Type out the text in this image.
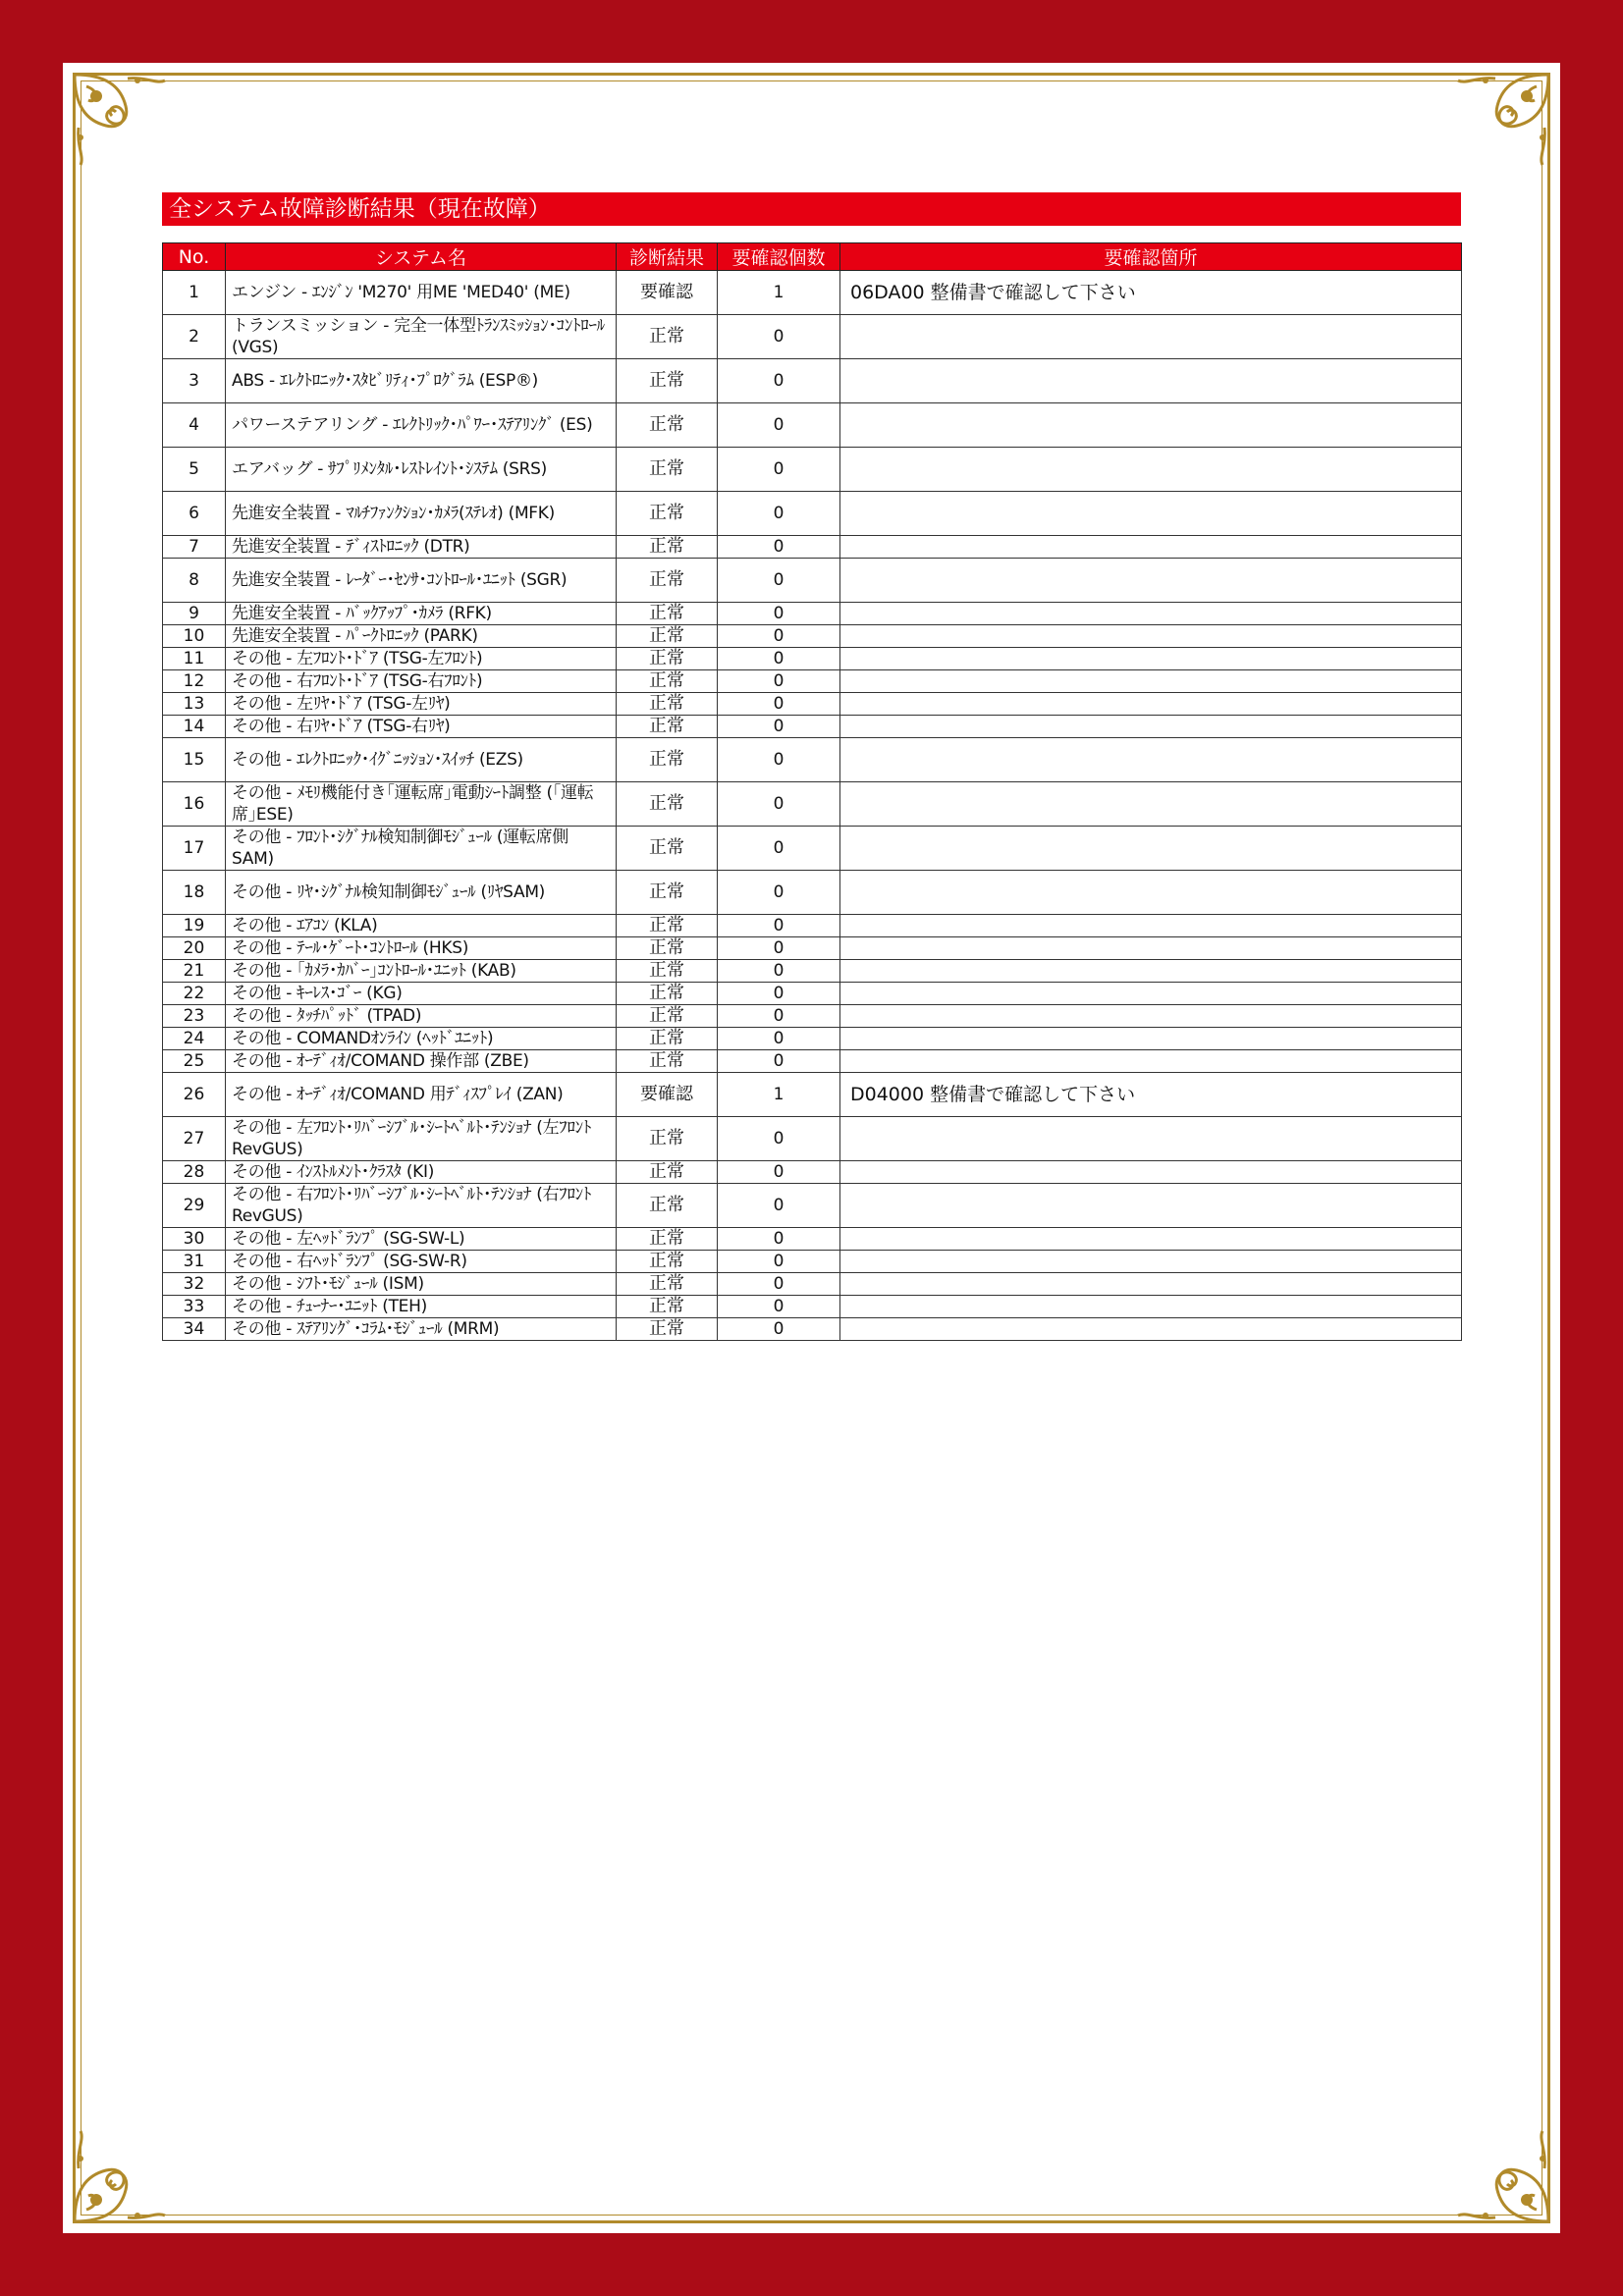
全システム故障診断結果（現在故障）
No.	システム名	診断結果	要確認個数	要確認箇所
1	エンジン - ｴﾝｼﾞﾝ 'M270' 用ME 'MED40' (ME)	要確認	1	06DA00 整備書で確認して下さい
2	トランスミッション - 完全一体型ﾄﾗﾝｽﾐｯｼｮﾝ･ｺﾝﾄﾛｰﾙ (VGS)	正常	0	
3	ABS - ｴﾚｸﾄﾛﾆｯｸ･ｽﾀﾋﾞﾘﾃｨ･ﾌﾟﾛｸﾞﾗﾑ (ESP®)	正常	0	
4	パワーステアリング - ｴﾚｸﾄﾘｯｸ･ﾊﾟﾜｰ･ｽﾃｱﾘﾝｸﾞ (ES)	正常	0	
5	エアバッグ - ｻﾌﾟﾘﾒﾝﾀﾙ･ﾚｽﾄﾚｲﾝﾄ･ｼｽﾃﾑ (SRS)	正常	0	
6	先進安全装置 - ﾏﾙﾁﾌｧﾝｸｼｮﾝ･ｶﾒﾗ(ｽﾃﾚｵ) (MFK)	正常	0	
7	先進安全装置 - ﾃﾞｨｽﾄﾛﾆｯｸ (DTR)	正常	0	
8	先進安全装置 - ﾚｰﾀﾞｰ･ｾﾝｻ･ｺﾝﾄﾛｰﾙ･ﾕﾆｯﾄ (SGR)	正常	0	
9	先進安全装置 - ﾊﾞｯｸｱｯﾌﾟ･ｶﾒﾗ (RFK)	正常	0	
10	先進安全装置 - ﾊﾟｰｸﾄﾛﾆｯｸ (PARK)	正常	0	
11	その他 - 左ﾌﾛﾝﾄ･ﾄﾞｱ (TSG-左ﾌﾛﾝﾄ)	正常	0	
12	その他 - 右ﾌﾛﾝﾄ･ﾄﾞｱ (TSG-右ﾌﾛﾝﾄ)	正常	0	
13	その他 - 左ﾘﾔ･ﾄﾞｱ (TSG-左ﾘﾔ)	正常	0	
14	その他 - 右ﾘﾔ･ﾄﾞｱ (TSG-右ﾘﾔ)	正常	0	
15	その他 - ｴﾚｸﾄﾛﾆｯｸ･ｲｸﾞﾆｯｼｮﾝ･ｽｲｯﾁ (EZS)	正常	0	
16	その他 - ﾒﾓﾘ機能付き｢運転席｣電動ｼｰﾄ調整 (｢運転席｣ESE)	正常	0	
17	その他 - ﾌﾛﾝﾄ･ｼｸﾞﾅﾙ検知制御ﾓｼﾞｭｰﾙ (運転席側SAM)	正常	0	
18	その他 - ﾘﾔ･ｼｸﾞﾅﾙ検知制御ﾓｼﾞｭｰﾙ (ﾘﾔSAM)	正常	0	
19	その他 - ｴｱｺﾝ (KLA)	正常	0	
20	その他 - ﾃｰﾙ･ｹﾞｰﾄ･ｺﾝﾄﾛｰﾙ (HKS)	正常	0	
21	その他 - ｢ｶﾒﾗ･ｶﾊﾞｰ｣ｺﾝﾄﾛｰﾙ･ﾕﾆｯﾄ (KAB)	正常	0	
22	その他 - ｷｰﾚｽ･ｺﾞｰ (KG)	正常	0	
23	その他 - ﾀｯﾁﾊﾟｯﾄﾞ (TPAD)	正常	0	
24	その他 - COMANDｵﾝﾗｲﾝ (ﾍｯﾄﾞﾕﾆｯﾄ)	正常	0	
25	その他 - ｵｰﾃﾞｨｵ/COMAND 操作部 (ZBE)	正常	0	
26	その他 - ｵｰﾃﾞｨｵ/COMAND 用ﾃﾞｨｽﾌﾟﾚｲ (ZAN)	要確認	1	D04000 整備書で確認して下さい
27	その他 - 左ﾌﾛﾝﾄ･ﾘﾊﾞｰｼﾌﾞﾙ･ｼｰﾄﾍﾞﾙﾄ･ﾃﾝｼｮﾅ (左ﾌﾛﾝﾄ RevGUS)	正常	0	
28	その他 - ｲﾝｽﾄﾙﾒﾝﾄ･ｸﾗｽﾀ (KI)	正常	0	
29	その他 - 右ﾌﾛﾝﾄ･ﾘﾊﾞｰｼﾌﾞﾙ･ｼｰﾄﾍﾞﾙﾄ･ﾃﾝｼｮﾅ (右ﾌﾛﾝﾄ RevGUS)	正常	0	
30	その他 - 左ﾍｯﾄﾞﾗﾝﾌﾟ (SG-SW-L)	正常	0	
31	その他 - 右ﾍｯﾄﾞﾗﾝﾌﾟ (SG-SW-R)	正常	0	
32	その他 - ｼﾌﾄ･ﾓｼﾞｭｰﾙ (ISM)	正常	0	
33	その他 - ﾁｭｰﾅｰ･ﾕﾆｯﾄ (TEH)	正常	0	
34	その他 - ｽﾃｱﾘﾝｸﾞ･ｺﾗﾑ･ﾓｼﾞｭｰﾙ (MRM)	正常	0	
